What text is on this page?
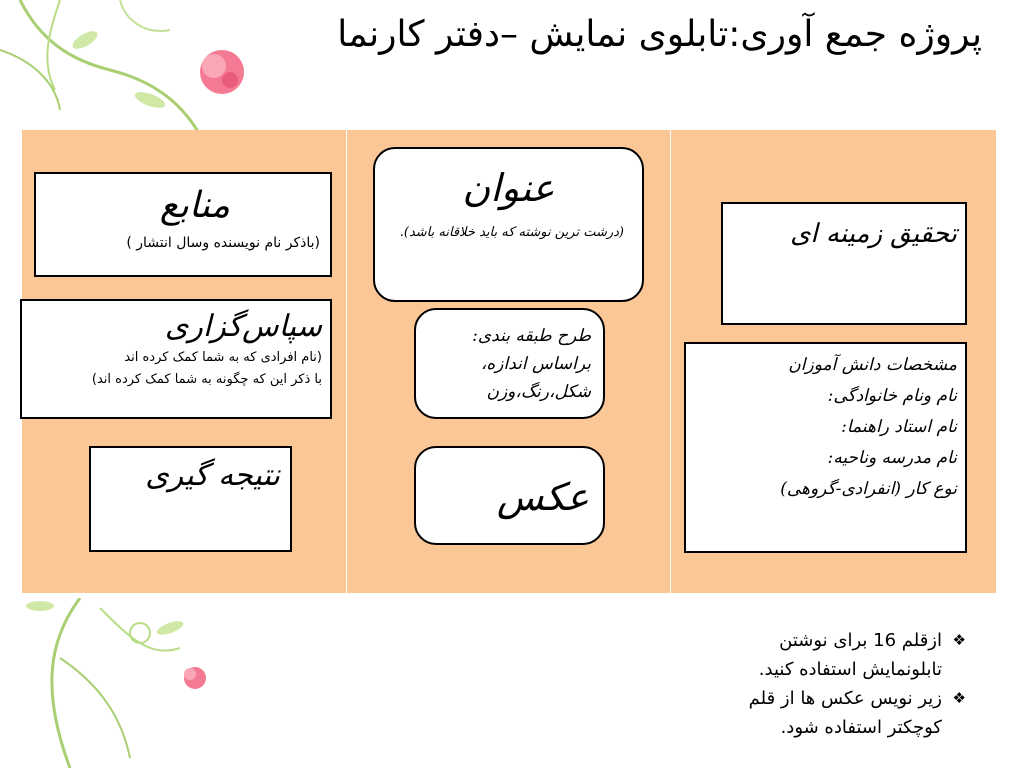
پروژه جمع آوری:تابلوی نمایش –دفتر کارنما
منابع
(باذکر نام نویسنده وسال انتشار )
سپاس‌گزاری
(نام افرادی که به شما کمک کرده اند
با ذکر این که چگونه به شما کمک کرده اند)
نتیجه گیری
عنوان
(درشت ترین نوشته که باید خلاقانه باشد).
طرح طبقه بندی:
براساس اندازه،
شکل،رنگ،وزن
عکس
تحقیق زمینه ای
مشخصات دانش آموزان
نام ونام خانوادگی:
نام استاد راهنما:
نام مدرسه وناحیه:
نوع کار (انفرادی-گروهی)
❖
ازقلم 16 برای نوشتن تابلونمایش استفاده کنید.
❖
زیر نویس عکس ها از قلم کوچکتر استفاده شود.
